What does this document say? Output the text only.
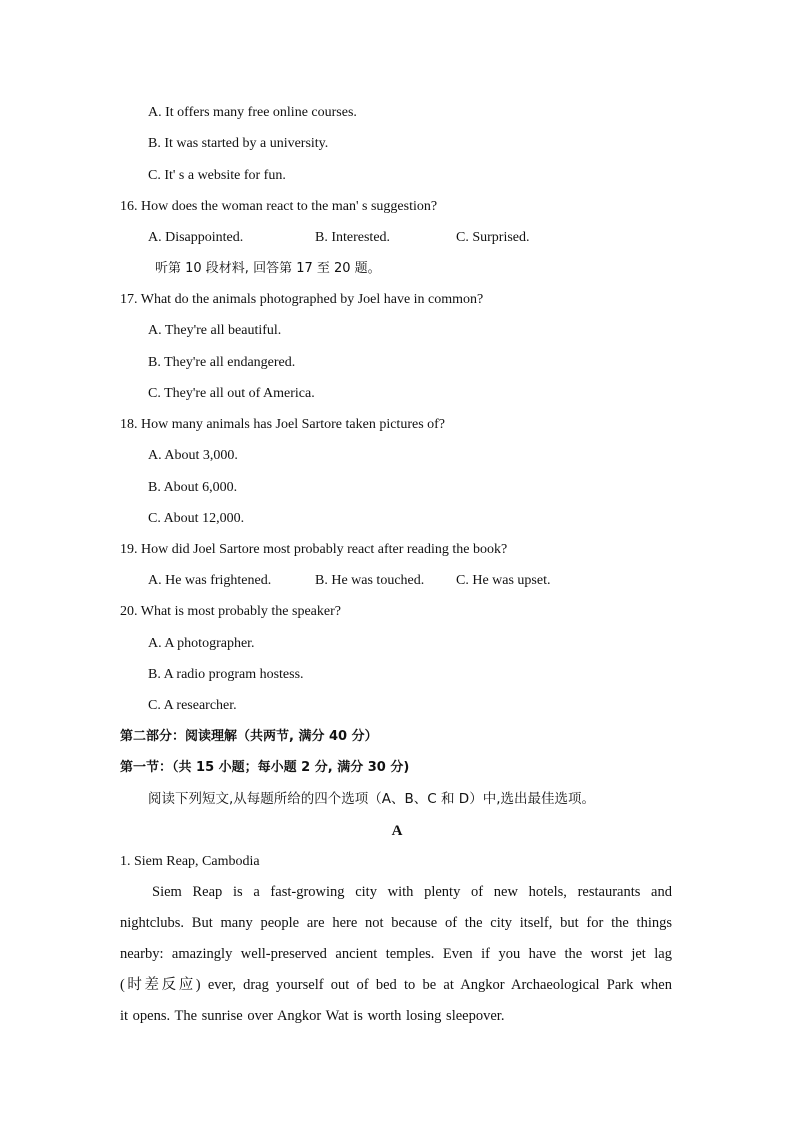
A. It offers many free online courses.
B. It was started by a university.
C. It' s a website for fun.
16. How does the woman react to the man' s suggestion?
A. Disappointed.	B. Interested.	C. Surprised.
听第 10 段材料, 回答第 17 至 20 题。
17. What do the animals photographed by Joel have in common?
A. They're all beautiful.
B. They're all endangered.
C. They're all out of America.
18. How many animals has Joel Sartore taken pictures of?
A. About 3,000.
B. About 6,000.
C. About 12,000.
19. How did Joel Sartore most probably react after reading the book?
A. He was frightened.	B. He was touched. C. He was upset.
20. What is most probably the speaker?
A. A photographer.
B. A radio program hostess.
C. A researcher.
第二部分：阅读理解（共两节, 满分 40 分）
第一节：（共 15 小题；每小题 2 分, 满分 30 分)
阅读下列短文,从每题所给的四个选项（A、B、C 和 D）中,选出最佳选项。
A
1. Siem Reap, Cambodia
Siem Reap is a fast-growing city with plenty of new hotels, restaurants and
nightclubs. But many people are here not because of the city itself, but for the things
nearby: amazingly well-preserved ancient temples. Even if you have the worst jet lag
(时差反应) ever, drag yourself out of bed to be at Angkor Archaeological Park when
it opens. The sunrise over Angkor Wat is worth losing sleepover.
